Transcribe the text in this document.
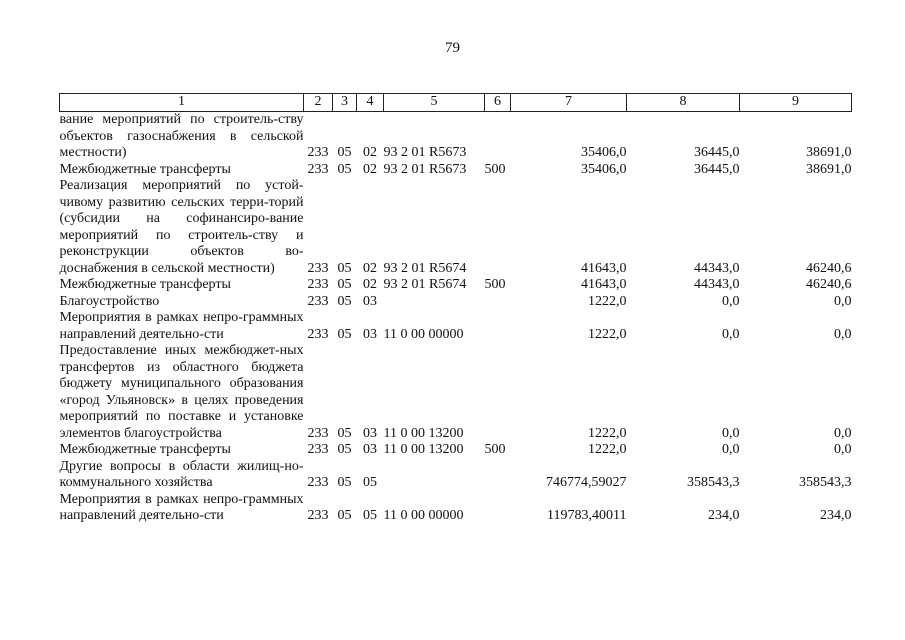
79
1	2	3	4	5	6	7	8	9
вание мероприятий по строитель-ству объектов газоснабжения в сельской местности)	233	05	02	93 2 01 R5673		35406,0	36445,0	38691,0
Межбюджетные трансферты	233	05	02	93 2 01 R5673	500	35406,0	36445,0	38691,0
Реализация мероприятий по устой-чивому развитию сельских терри-торий (субсидии на софинансиро-вание мероприятий по строитель-ству и реконструкции объектов во-доснабжения в сельской местности)	233	05	02	93 2 01 R5674		41643,0	44343,0	46240,6
Межбюджетные трансферты	233	05	02	93 2 01 R5674	500	41643,0	44343,0	46240,6
Благоустройство	233	05	03			1222,0	0,0	0,0
Мероприятия в рамках непро-граммных направлений деятельно-сти	233	05	03	11 0 00 00000		1222,0	0,0	0,0
Предоставление иных межбюджет-ных трансфертов из областного бюджета бюджету муниципального образования «город Ульяновск» в целях проведения мероприятий по поставке и установке элементов благоустройства	233	05	03	11 0 00 13200		1222,0	0,0	0,0
Межбюджетные трансферты	233	05	03	11 0 00 13200	500	1222,0	0,0	0,0
Другие вопросы в области жилищ-но-коммунального хозяйства	233	05	05			746774,59027	358543,3	358543,3
Мероприятия в рамках непро-граммных направлений деятельно-сти	233	05	05	11 0 00 00000		119783,40011	234,0	234,0
